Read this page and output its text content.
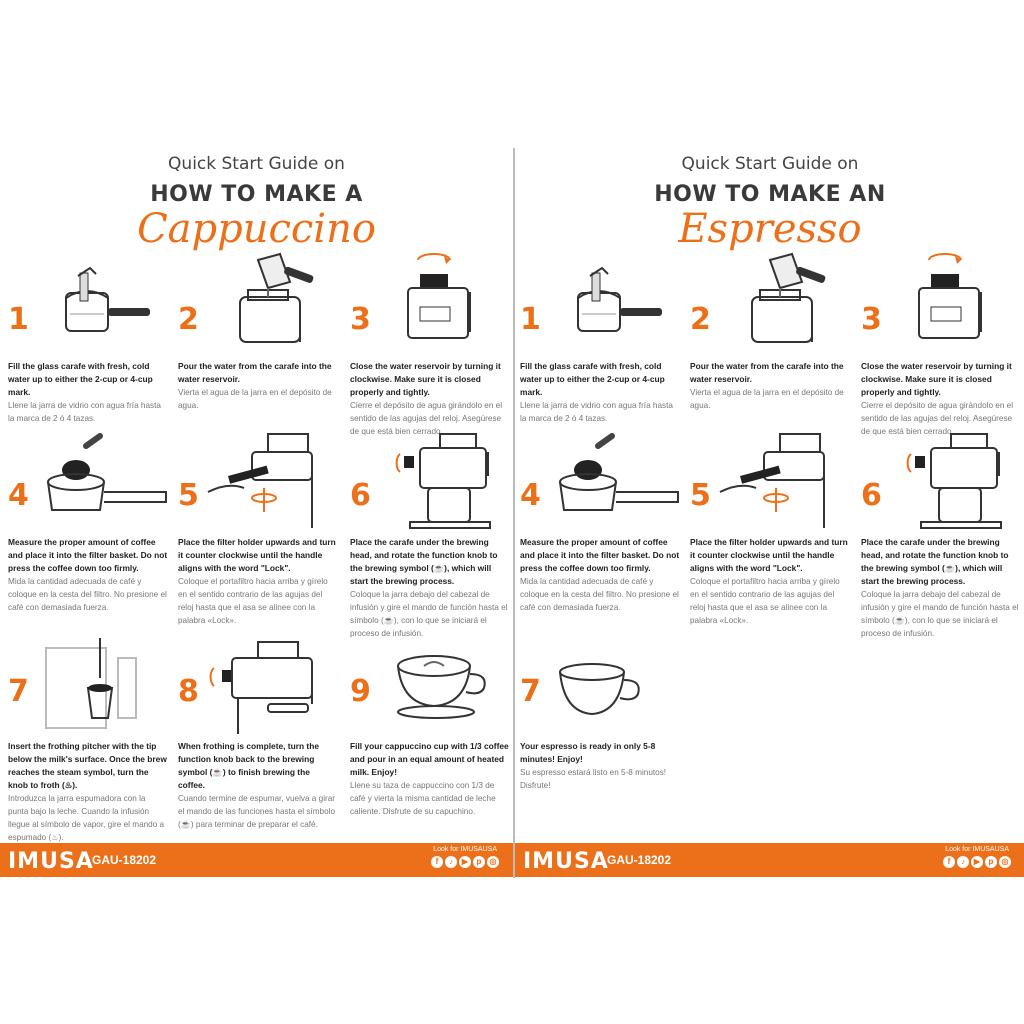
Quick Start Guide on
HOW TO MAKE A
Cappuccino
1
Fill the glass carafe with fresh, cold water up to either the 2-cup or 4-cup mark.
Llene la jarra de vidrio con agua fría hasta la marca de 2 ó 4 tazas.
2
Pour the water from the carafe into the water reservoir.
Vierta el agua de la jarra en el depósito de agua.
3
Close the water reservoir by turning it clockwise. Make sure it is closed properly and tightly.
Cierre el depósito de agua girándolo en el sentido de las agujas del reloj. Asegúrese de que está bien cerrado.
4
Measure the proper amount of coffee and place it into the filter basket. Do not press the coffee down too firmly.
Mida la cantidad adecuada de café y coloque en la cesta del filtro. No presione el café con demasiada fuerza.
5
Place the filter holder upwards and turn it counter clockwise until the handle aligns with the word "Lock".
Coloque el portafiltro hacia arriba y gírelo en el sentido contrario de las agujas del reloj hasta que el asa se alinee con la palabra «Lock».
6
Place the carafe under the brewing head, and rotate the function knob to the brewing symbol (☕), which will start the brewing process.
Coloque la jarra debajo del cabezal de infusión y gire el mando de función hasta el símbolo (☕), con lo que se iniciará el proceso de infusión.
7
Insert the frothing pitcher with the tip below the milk's surface. Once the brew reaches the steam symbol, turn the knob to froth (♨).
Introduzca la jarra espumadora con la punta bajo la leche. Cuando la infusión llegue al símbolo de vapor, gire el mando a espumado (♨).
8
When frothing is complete, turn the function knob back to the brewing symbol (☕) to finish brewing the coffee.
Cuando termine de espumar, vuelva a girar el mando de las funciones hasta el símbolo (☕) para terminar de preparar el café.
9
Fill your cappuccino cup with 1/3 coffee and pour in an equal amount of heated milk. Enjoy!
Llene su taza de cappuccino con 1/3 de café y vierta la misma cantidad de leche caliente. Disfrute de su capuchino.
IMUSA
GAU-18202
Look for IMUSAUSA
f	♪	▶	p	◎
Quick Start Guide on
HOW TO MAKE AN
Espresso
1
Fill the glass carafe with fresh, cold water up to either the 2-cup or 4-cup mark.
Llene la jarra de vidrio con agua fría hasta la marca de 2 ó 4 tazas.
2
Pour the water from the carafe into the water reservoir.
Vierta el agua de la jarra en el depósito de agua.
3
Close the water reservoir by turning it clockwise. Make sure it is closed properly and tightly.
Cierre el depósito de agua girándolo en el sentido de las agujas del reloj. Asegúrese de que está bien cerrado.
4
Measure the proper amount of coffee and place it into the filter basket. Do not press the coffee down too firmly.
Mida la cantidad adecuada de café y coloque en la cesta del filtro. No presione el café con demasiada fuerza.
5
Place the filter holder upwards and turn it counter clockwise until the handle aligns with the word "Lock".
Coloque el portafiltro hacia arriba y gírelo en el sentido contrario de las agujas del reloj hasta que el asa se alinee con la palabra «Lock».
6
Place the carafe under the brewing head, and rotate the function knob to the brewing symbol (☕), which will start the brewing process.
Coloque la jarra debajo del cabezal de infusión y gire el mando de función hasta el símbolo (☕), con lo que se iniciará el proceso de infusión.
7
Your espresso is ready in only 5-8 minutes! Enjoy!
Su espresso estará listo en 5-8 minutos! Disfrute!
IMUSA
GAU-18202
Look for IMUSAUSA
f	♪	▶	p	◎
